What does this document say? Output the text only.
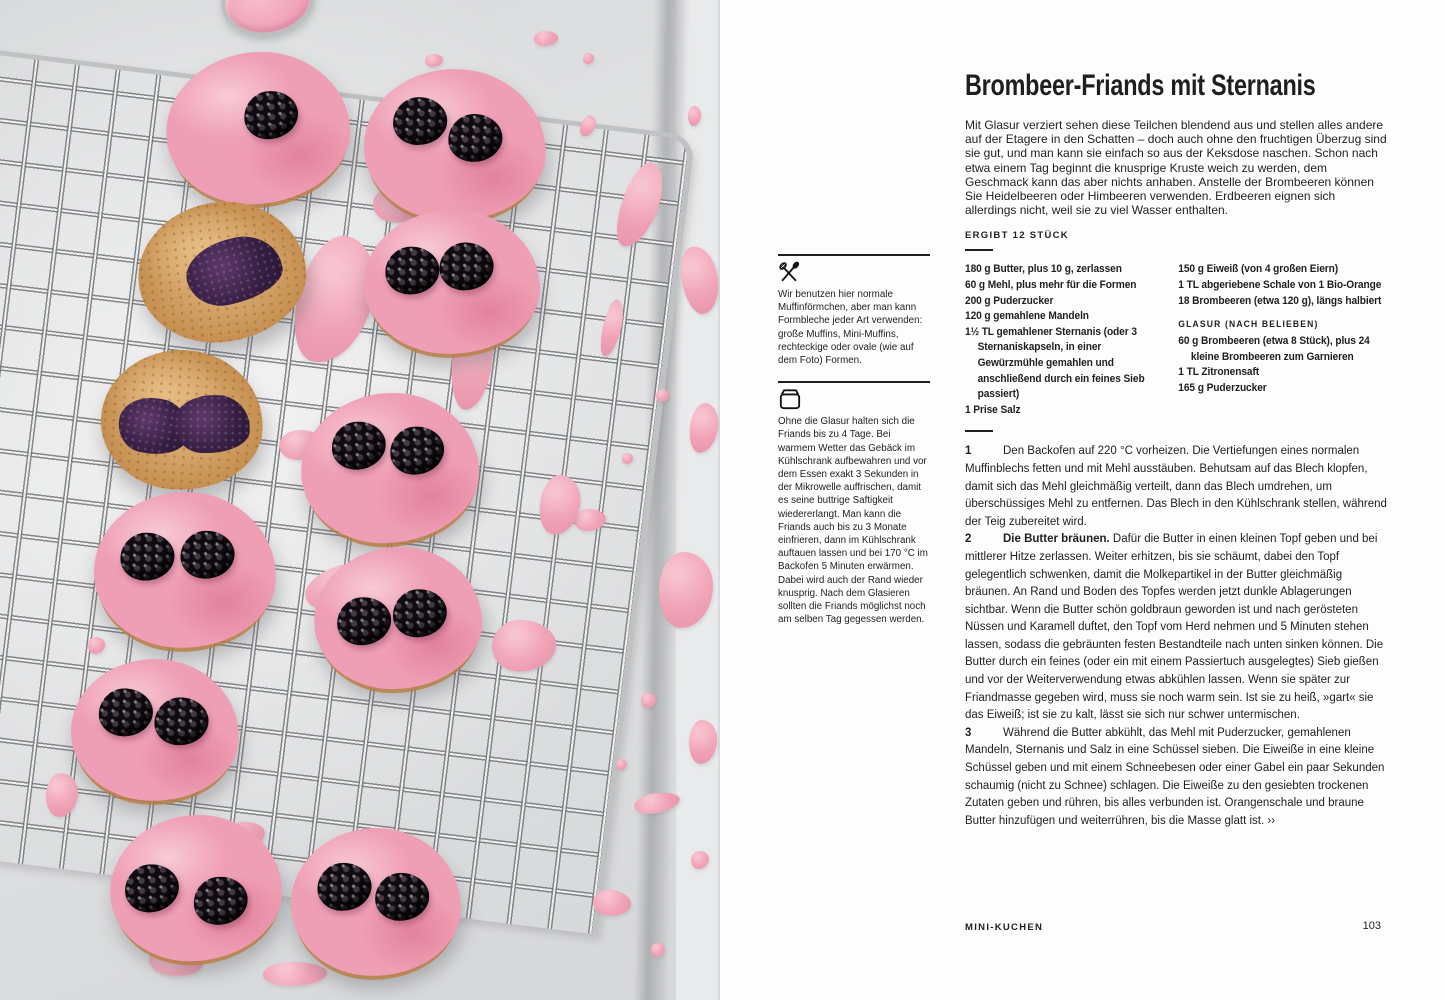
Wir benutzen hier normale Muffinförmchen, aber man kann Formbleche jeder Art verwenden: große Muffins, Mini-Muffins, rechteckige oder ovale (wie auf dem Foto) Formen.
Ohne die Glasur halten sich die Friands bis zu 4 Tage. Bei warmem Wetter das Gebäck im Kühlschrank aufbewahren und vor dem Essen exakt 3 Sekunden in der Mikrowelle auffrischen, damit es seine buttrige Saftigkeit wiedererlangt. Man kann die Friands auch bis zu 3 Monate einfrieren, dann im Kühlschrank auftauen lassen und bei 170 °C im Backofen 5 Minuten erwärmen. Dabei wird auch der Rand wieder knusprig. Nach dem Glasieren sollten die Friands möglichst noch am selben Tag gegessen werden.
Brombeer-Friands mit Sternanis

Mit Glasur verziert sehen diese Teilchen blendend aus und stellen alles andere auf der Etagere in den Schatten – doch auch ohne den fruchtigen Überzug sind sie gut, und man kann sie einfach so aus der Keksdose naschen. Schon nach etwa einem Tag beginnt die knusprige Kruste weich zu werden, dem Geschmack kann das aber nichts anhaben. Anstelle der Brombeeren können Sie Heidelbeeren oder Himbeeren verwenden. Erdbeeren eignen sich allerdings nicht, weil sie zu viel Wasser enthalten.

ERGIBT 12 STÜCK
180 g Butter, plus 10 g, zerlassen
60 g Mehl, plus mehr für die Formen
200 g Puderzucker
120 g gemahlene Mandeln
1½ TL gemahlener Sternanis (oder 3 Sternaniskapseln, in einer Gewürzmühle gemahlen und anschließend durch ein feines Sieb passiert)
1 Prise Salz
150 g Eiweiß (von 4 großen Eiern)
1 TL abgeriebene Schale von 1 Bio-Orange
18 Brombeeren (etwa 120 g), längs halbiert
GLASUR (NACH BELIEBEN)
60 g Brombeeren (etwa 8 Stück), plus 24 kleine Brombeeren zum Garnieren
1 TL Zitronensaft
165 g Puderzucker

1	Den Backofen auf 220 °C vorheizen. Die Vertiefungen eines normalen Muffinblechs fetten und mit Mehl ausstäuben. Behutsam auf das Blech klopfen, damit sich das Mehl gleichmäßig verteilt, dann das Blech umdrehen, um überschüssiges Mehl zu entfernen. Das Blech in den Kühlschrank stellen, während der Teig zubereitet wird.

2	Die Butter bräunen. Dafür die Butter in einen kleinen Topf geben und bei mittlerer Hitze zerlassen. Weiter erhitzen, bis sie schäumt, dabei den Topf gelegentlich schwenken, damit die Molkepartikel in der Butter gleichmäßig bräunen. An Rand und Boden des Topfes werden jetzt dunkle Ablagerungen sichtbar. Wenn die Butter schön goldbraun geworden ist und nach gerösteten Nüssen und Karamell duftet, den Topf vom Herd nehmen und 5 Minuten stehen lassen, sodass die gebräunten festen Bestandteile nach unten sinken können. Die Butter durch ein feines (oder ein mit einem Passiertuch ausgelegtes) Sieb gießen und vor der Weiterverwendung etwas abkühlen lassen. Wenn sie später zur Friandmasse gegeben wird, muss sie noch warm sein. Ist sie zu heiß, »gart« sie das Eiweiß; ist sie zu kalt, lässt sie sich nur schwer untermischen.

3	Während die Butter abkühlt, das Mehl mit Puderzucker, gemahlenen Mandeln, Sternanis und Salz in eine Schüssel sieben. Die Eiweiße in eine kleine Schüssel geben und mit einem Schneebesen oder einer Gabel ein paar Sekunden schaumig (nicht zu Schnee) schlagen. Die Eiweiße zu den gesiebten trockenen Zutaten geben und rühren, bis alles verbunden ist. Orangenschale und braune Butter hinzufügen und weiterrühren, bis die Masse glatt ist. ››

MINI-KUCHEN	103
